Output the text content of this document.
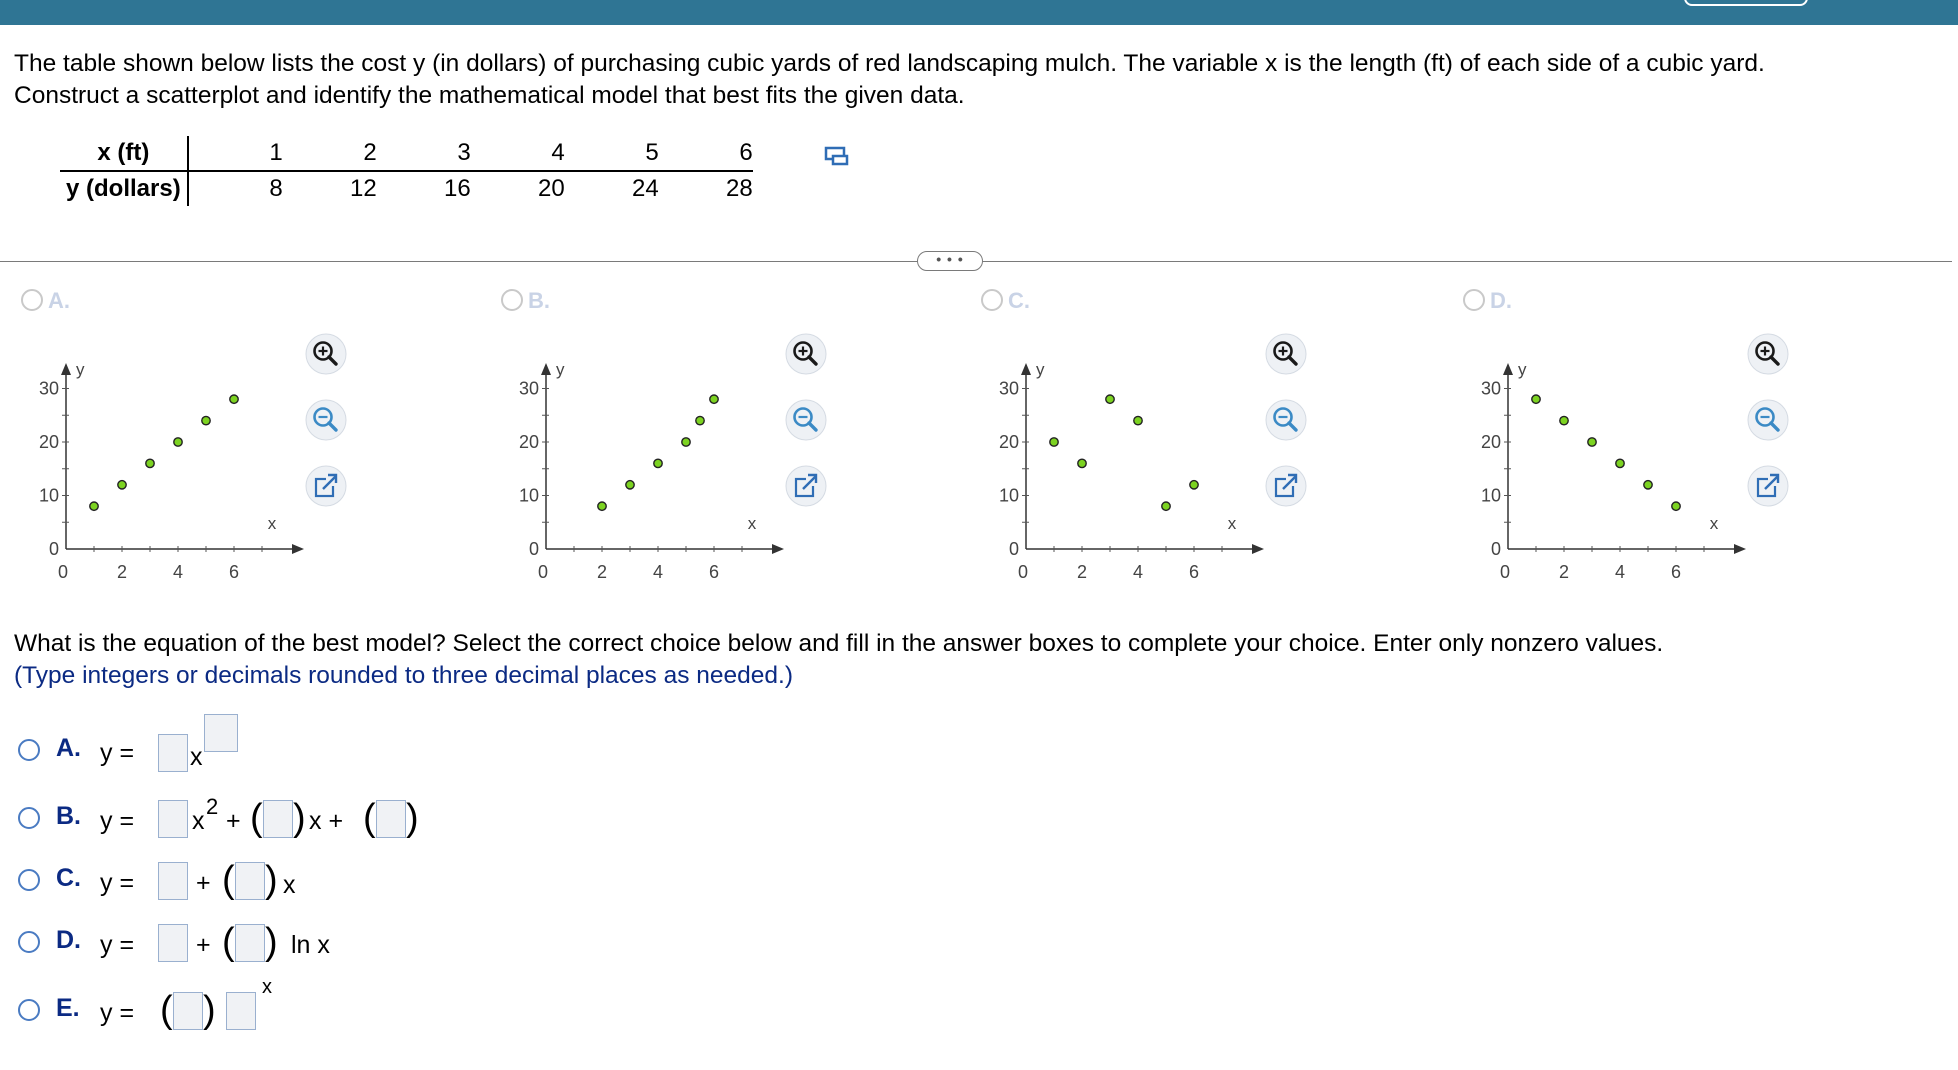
The table shown below lists the cost y (in dollars) of purchasing cubic yards of red landscaping mulch. The variable x is the length (ft) of each side of a cubic yard.

Construct a scatterplot and identify the mathematical model that best fits the given data.

x (ft)	1	2	3	4	5	6
y (dollars)	8	12	16	20	24	28
• • •
A.
y
x
0	2	4	6
30
20
10
0
B.
y
x
0	2	4	6
30
20
10
0
C.
y
x
0	2	4	6
30
20
10
0
D.
y
x
0	2	4	6
30
20
10
0

What is the equation of the best model? Select the correct choice below and fill in the answer boxes to complete your choice. Enter only nonzero values.

(Type integers or decimals rounded to three decimal places as needed.)

A. y = x
B. y = x
2
+ ( ) x + ( )
C. y = + ( ) x
D. y = + ( ) ln x
E. y = ( )
x
